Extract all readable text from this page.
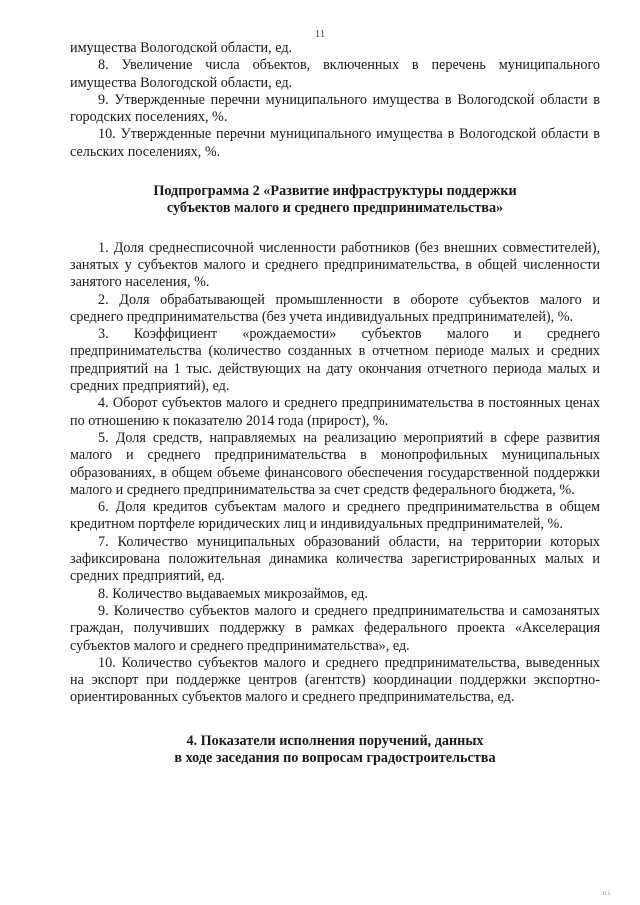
11

имущества Вологодской области, ед.

8. Увеличение числа объектов, включенных в перечень муниципального имущества Вологодской области, ед.

9. Утвержденные перечни муниципального имущества в Вологодской области в городских поселениях, %.

10. Утвержденные перечни муниципального имущества в Вологодской области в сельских поселениях, %.

Подпрограмма 2 «Развитие инфраструктуры поддержки
субъектов малого и среднего предпринимательства»

1. Доля среднесписочной численности работников (без внешних совместителей), занятых у субъектов малого и среднего предпринимательства, в общей численности занятого населения, %.

2. Доля обрабатывающей промышленности в обороте субъектов малого и среднего предпринимательства (без учета индивидуальных предпринимателей), %.

3. Коэффициент «рождаемости» субъектов малого и среднего предпринимательства (количество созданных в отчетном периоде малых и средних предприятий на 1 тыс. действующих на дату окончания отчетного периода малых и средних предприятий), ед.

4. Оборот субъектов малого и среднего предпринимательства в постоянных ценах по отношению к показателю 2014 года (прирост), %.

5. Доля средств, направляемых на реализацию мероприятий в сфере развития малого и среднего предпринимательства в монопрофильных муниципальных образованиях, в общем объеме финансового обеспечения государственной поддержки малого и среднего предпринимательства за счет средств федерального бюджета, %.

6. Доля кредитов субъектам малого и среднего предпринимательства в общем кредитном портфеле юридических лиц и индивидуальных предпринимателей, %.

7. Количество муниципальных образований области, на территории которых зафиксирована положительная динамика количества зарегистрированных малых и средних предприятий, ед.

8. Количество выдаваемых микрозаймов, ед.

9. Количество субъектов малого и среднего предпринимательства и самозанятых граждан, получивших поддержку в рамках федерального проекта «Акселерация субъектов малого и среднего предпринимательства», ед.

10. Количество субъектов малого и среднего предпринимательства, выведенных на экспорт при поддержке центров (агентств) координации поддержки экспортно-ориентированных субъектов малого и среднего предпринимательства, ед.

4. Показатели исполнения поручений, данных
в ходе заседания по вопросам градостроительства
n i
